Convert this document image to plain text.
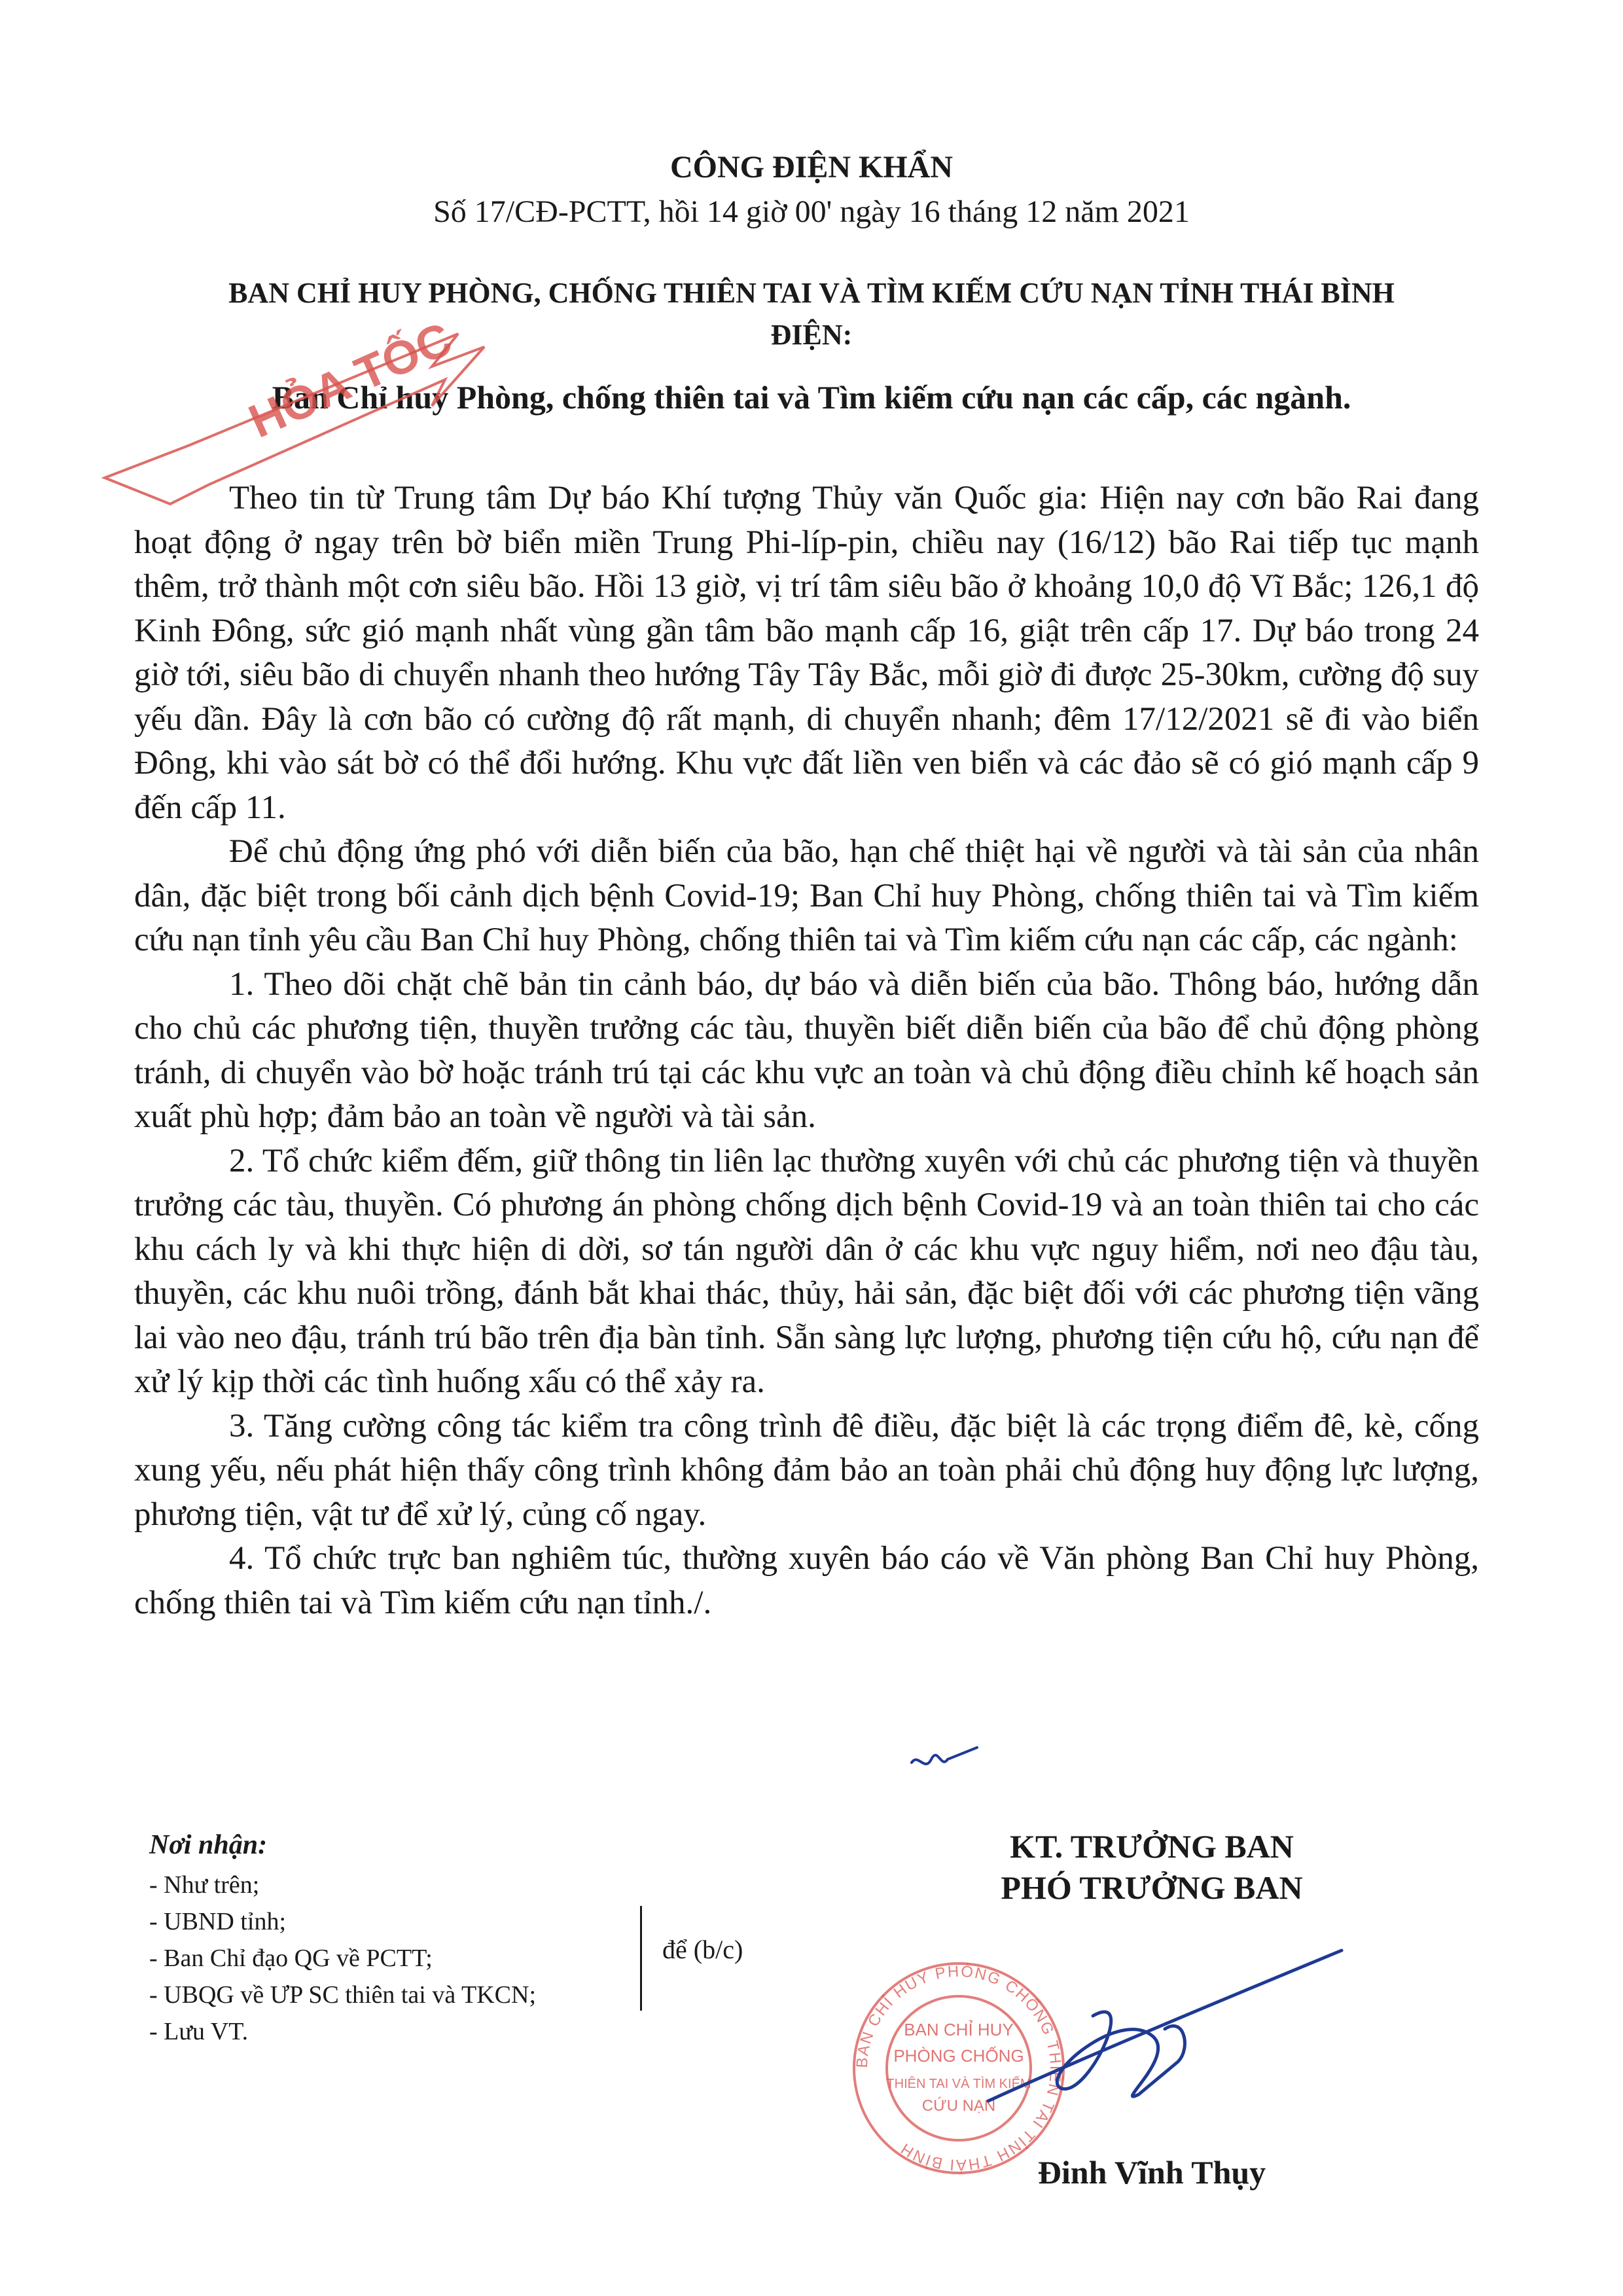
CÔNG ĐIỆN KHẨN
Số 17/CĐ-PCTT, hồi 14 giờ 00' ngày 16 tháng 12 năm 2021
BAN CHỈ HUY PHÒNG, CHỐNG THIÊN TAI VÀ TÌM KIẾM CỨU NẠN TỈNH THÁI BÌNH
ĐIỆN:
Ban Chỉ huy Phòng, chống thiên tai và Tìm kiếm cứu nạn các cấp, các ngành.
HỎA TỐC

Theo tin từ Trung tâm Dự báo Khí tượng Thủy văn Quốc gia: Hiện nay cơn bão Rai đang hoạt động ở ngay trên bờ biển miền Trung Phi-líp-pin, chiều nay (16/12) bão Rai tiếp tục mạnh thêm, trở thành một cơn siêu bão. Hồi 13 giờ, vị trí tâm siêu bão ở khoảng 10,0 độ Vĩ Bắc; 126,1 độ Kinh Đông, sức gió mạnh nhất vùng gần tâm bão mạnh cấp 16, giật trên cấp 17. Dự báo trong 24 giờ tới, siêu bão di chuyển nhanh theo hướng Tây Tây Bắc, mỗi giờ đi được 25-30km, cường độ suy yếu dần. Đây là cơn bão có cường độ rất mạnh, di chuyển nhanh; đêm 17/12/2021 sẽ đi vào biển Đông, khi vào sát bờ có thể đổi hướng. Khu vực đất liền ven biển và các đảo sẽ có gió mạnh cấp 9 đến cấp 11.

Để chủ động ứng phó với diễn biến của bão, hạn chế thiệt hại về người và tài sản của nhân dân, đặc biệt trong bối cảnh dịch bệnh Covid-19; Ban Chỉ huy Phòng, chống thiên tai và Tìm kiếm cứu nạn tỉnh yêu cầu Ban Chỉ huy Phòng, chống thiên tai và Tìm kiếm cứu nạn các cấp, các ngành:

1. Theo dõi chặt chẽ bản tin cảnh báo, dự báo và diễn biến của bão. Thông báo, hướng dẫn cho chủ các phương tiện, thuyền trưởng các tàu, thuyền biết diễn biến của bão để chủ động phòng tránh, di chuyển vào bờ hoặc tránh trú tại các khu vực an toàn và chủ động điều chỉnh kế hoạch sản xuất phù hợp; đảm bảo an toàn về người và tài sản.

2. Tổ chức kiểm đếm, giữ thông tin liên lạc thường xuyên với chủ các phương tiện và thuyền trưởng các tàu, thuyền. Có phương án phòng chống dịch bệnh Covid-19 và an toàn thiên tai cho các khu cách ly và khi thực hiện di dời, sơ tán người dân ở các khu vực nguy hiểm, nơi neo đậu tàu, thuyền, các khu nuôi trồng, đánh bắt khai thác, thủy, hải sản, đặc biệt đối với các phương tiện vãng lai vào neo đậu, tránh trú bão trên địa bàn tỉnh. Sẵn sàng lực lượng, phương tiện cứu hộ, cứu nạn để xử lý kịp thời các tình huống xấu có thể xảy ra.

3. Tăng cường công tác kiểm tra công trình đê điều, đặc biệt là các trọng điểm đê, kè, cống xung yếu, nếu phát hiện thấy công trình không đảm bảo an toàn phải chủ động huy động lực lượng, phương tiện, vật tư để xử lý, củng cố ngay.

4. Tổ chức trực ban nghiêm túc, thường xuyên báo cáo về Văn phòng Ban Chỉ huy Phòng, chống thiên tai và Tìm kiếm cứu nạn tỉnh./.

Nơi nhận:
- Như trên;
- UBND tỉnh;
- Ban Chỉ đạo QG về PCTT;
- UBQG về ƯP SC thiên tai và TKCN;
- Lưu VT.
để (b/c)
KT. TRƯỞNG BAN
PHÓ TRƯỞNG BAN
BAN CHỈ HUY PHÒNG CHỐNG THIÊN TAI TỈNH THÁI BÌNH
BAN CHỈ HUY
PHÒNG CHỐNG
THIÊN TAI VÀ TÌM KIẾM
CỨU NẠN
Đinh Vĩnh Thụy
